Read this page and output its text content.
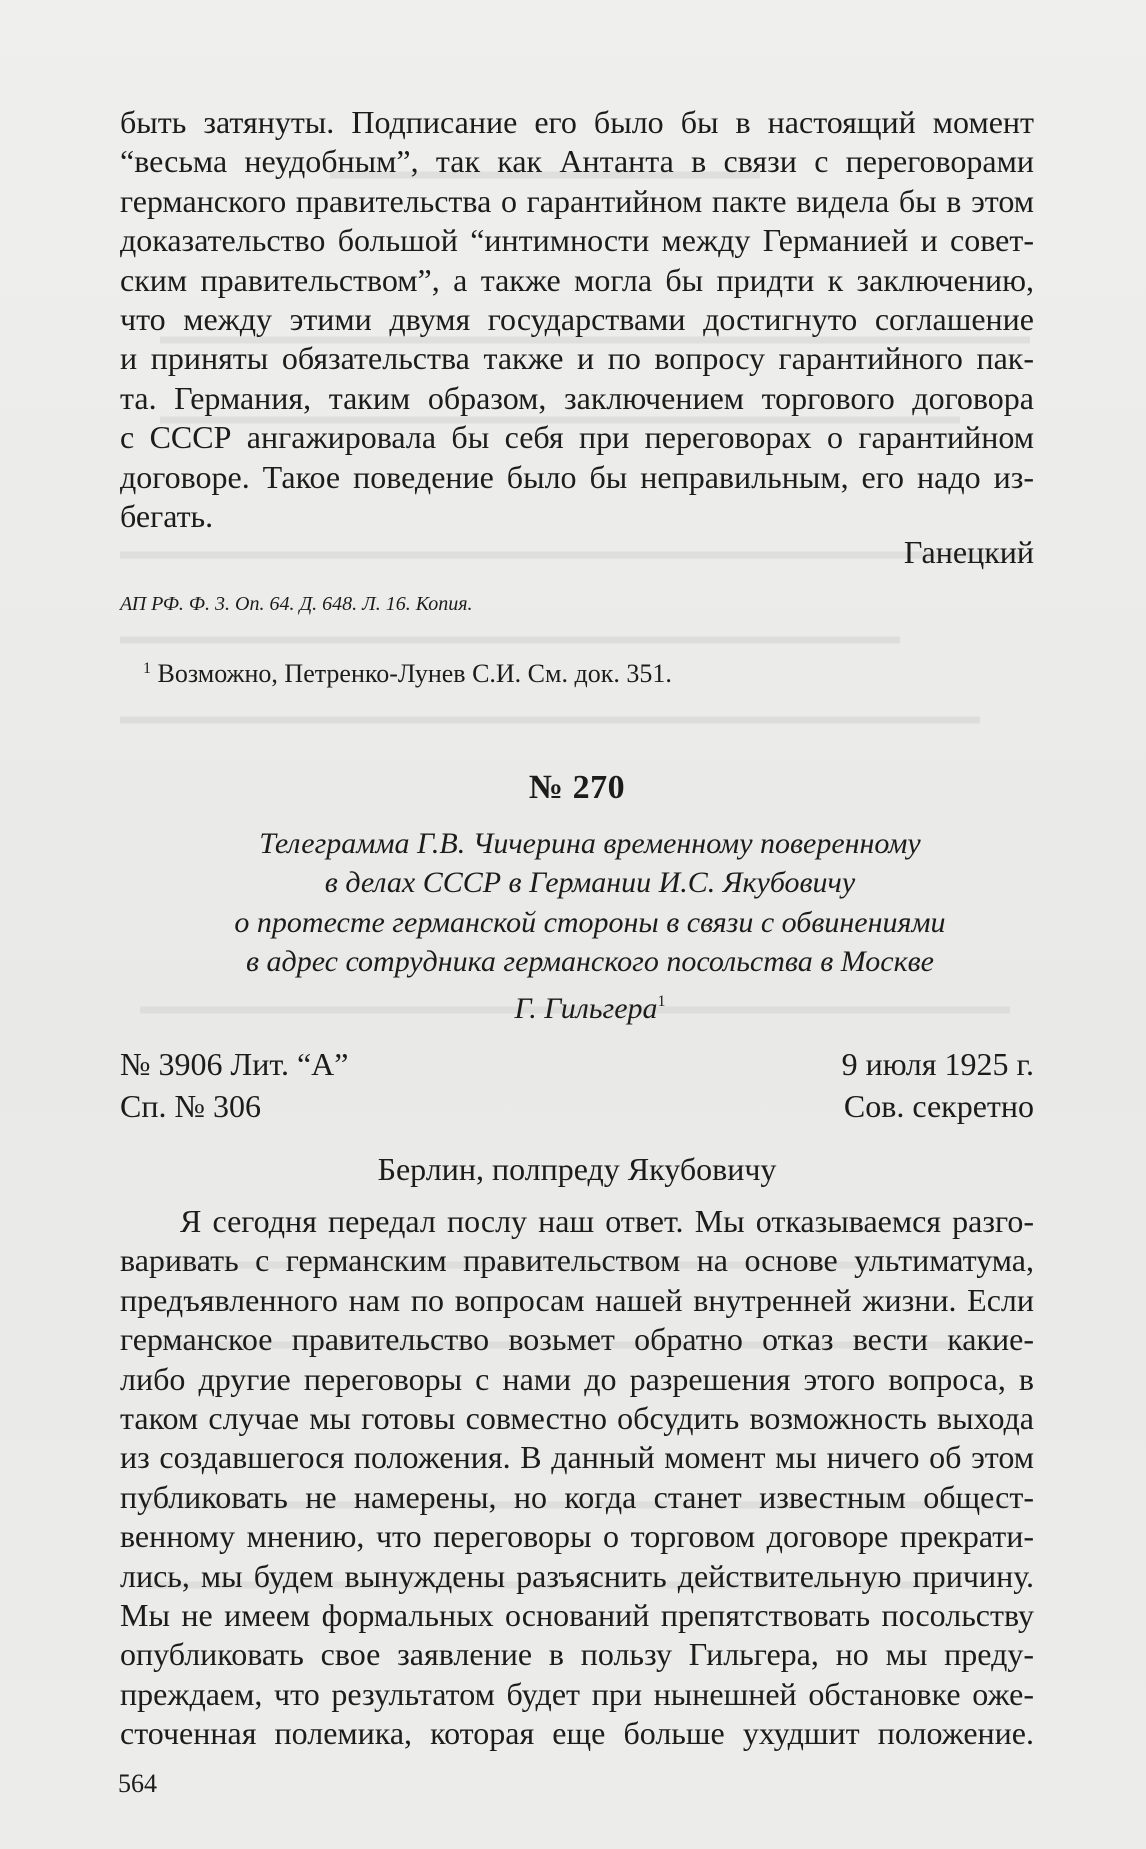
быть затянуты. Подписание его было бы в настоящий момент

“весьма неудобным”, так как Антанта в связи с переговорами

германского правительства о гарантийном пакте видела бы в этом

доказательство большой “интимности между Германией и совет-

ским правительством”, а также могла бы придти к заключению,

что между этими двумя государствами достигнуто соглашение

и приняты обязательства также и по вопросу гарантийного пак-

та. Германия, таким образом, заключением торгового договора

с СССР ангажировала бы себя при переговорах о гарантийном

договоре. Такое поведение было бы неправильным, его надо из-

бегать.

Ганецкий
АП РФ. Ф. 3. Оп. 64. Д. 648. Л. 16. Копия.
$^1$ Возможно, Петренко-Лунев С.И. См. док. 351.
№ 270
Телеграмма Г.В. Чичерина временному поверенному
в делах СССР в Германии И.С. Якубовичу
о протесте германской стороны в связи с обвинениями
в адрес сотрудника германского посольства в Москве
Г. Гильгера$^1$
№ 3906 Лит. “А”	9 июля 1925 г.
Сп. № 306	Сов. секретно
Берлин, полпреду Якубовичу

Я сегодня передал послу наш ответ. Мы отказываемся разго-

варивать с германским правительством на основе ультиматума,

предъявленного нам по вопросам нашей внутренней жизни. Если

германское правительство возьмет обратно отказ вести какие-

либо другие переговоры с нами до разрешения этого вопроса, в

таком случае мы готовы совместно обсудить возможность выхода

из создавшегося положения. В данный момент мы ничего об этом

публиковать не намерены, но когда станет известным общест-

венному мнению, что переговоры о торговом договоре прекрати-

лись, мы будем вынуждены разъяснить действительную причину.

Мы не имеем формальных оснований препятствовать посольству

опубликовать свое заявление в пользу Гильгера, но мы преду-

преждаем, что результатом будет при нынешней обстановке оже-

сточенная полемика, которая еще больше ухудшит положение.

564
